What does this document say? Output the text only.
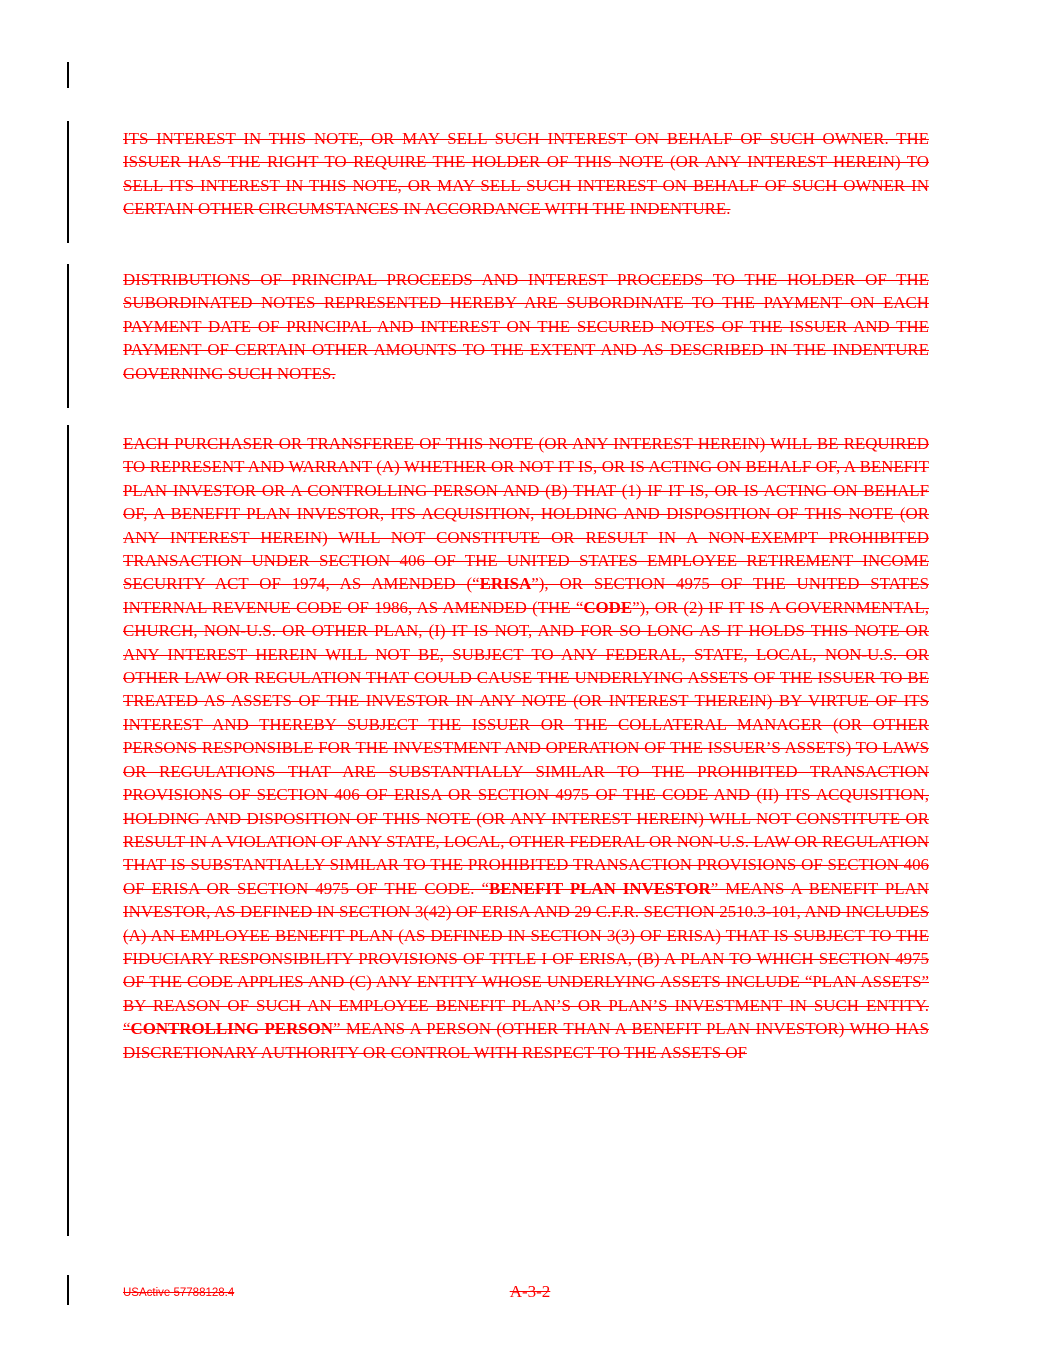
ITS INTEREST IN THIS NOTE, OR MAY SELL SUCH INTEREST ON BEHALF OF SUCH OWNER. THE ISSUER HAS THE RIGHT TO REQUIRE THE HOLDER OF THIS NOTE (OR ANY INTEREST HEREIN) TO SELL ITS INTEREST IN THIS NOTE, OR MAY SELL SUCH INTEREST ON BEHALF OF SUCH OWNER IN CERTAIN OTHER CIRCUMSTANCES IN ACCORDANCE WITH THE INDENTURE.

DISTRIBUTIONS OF PRINCIPAL PROCEEDS AND INTEREST PROCEEDS TO THE HOLDER OF THE SUBORDINATED NOTES REPRESENTED HEREBY ARE SUBORDINATE TO THE PAYMENT ON EACH PAYMENT DATE OF PRINCIPAL AND INTEREST ON THE SECURED NOTES OF THE ISSUER AND THE PAYMENT OF CERTAIN OTHER AMOUNTS TO THE EXTENT AND AS DESCRIBED IN THE INDENTURE GOVERNING SUCH NOTES.

EACH PURCHASER OR TRANSFEREE OF THIS NOTE (OR ANY INTEREST HEREIN) WILL BE REQUIRED TO REPRESENT AND WARRANT (A) WHETHER OR NOT IT IS, OR IS ACTING ON BEHALF OF, A BENEFIT PLAN INVESTOR OR A CONTROLLING PERSON AND (B) THAT (1) IF IT IS, OR IS ACTING ON BEHALF OF, A BENEFIT PLAN INVESTOR, ITS ACQUISITION, HOLDING AND DISPOSITION OF THIS NOTE (OR ANY INTEREST HEREIN) WILL NOT CONSTITUTE OR RESULT IN A NON-EXEMPT PROHIBITED TRANSACTION UNDER SECTION 406 OF THE UNITED STATES EMPLOYEE RETIREMENT INCOME SECURITY ACT OF 1974, AS AMENDED (“ERISA”), OR SECTION 4975 OF THE UNITED STATES INTERNAL REVENUE CODE OF 1986, AS AMENDED (THE “CODE”), OR (2) IF IT IS A GOVERNMENTAL, CHURCH, NON-U.S. OR OTHER PLAN, (I) IT IS NOT, AND FOR SO LONG AS IT HOLDS THIS NOTE OR ANY INTEREST HEREIN WILL NOT BE, SUBJECT TO ANY FEDERAL, STATE, LOCAL, NON-U.S. OR OTHER LAW OR REGULATION THAT COULD CAUSE THE UNDERLYING ASSETS OF THE ISSUER TO BE TREATED AS ASSETS OF THE INVESTOR IN ANY NOTE (OR INTEREST THEREIN) BY VIRTUE OF ITS INTEREST AND THEREBY SUBJECT THE ISSUER OR THE COLLATERAL MANAGER (OR OTHER PERSONS RESPONSIBLE FOR THE INVESTMENT AND OPERATION OF THE ISSUER’S ASSETS) TO LAWS OR REGULATIONS THAT ARE SUBSTANTIALLY SIMILAR TO THE PROHIBITED TRANSACTION PROVISIONS OF SECTION 406 OF ERISA OR SECTION 4975 OF THE CODE AND (II) ITS ACQUISITION, HOLDING AND DISPOSITION OF THIS NOTE (OR ANY INTEREST HEREIN) WILL NOT CONSTITUTE OR RESULT IN A VIOLATION OF ANY STATE, LOCAL, OTHER FEDERAL OR NON-U.S. LAW OR REGULATION THAT IS SUBSTANTIALLY SIMILAR TO THE PROHIBITED TRANSACTION PROVISIONS OF SECTION 406 OF ERISA OR SECTION 4975 OF THE CODE. “BENEFIT PLAN INVESTOR” MEANS A BENEFIT PLAN INVESTOR, AS DEFINED IN SECTION 3(42) OF ERISA AND 29 C.F.R. SECTION 2510.3-101, AND INCLUDES (A) AN EMPLOYEE BENEFIT PLAN (AS DEFINED IN SECTION 3(3) OF ERISA) THAT IS SUBJECT TO THE FIDUCIARY RESPONSIBILITY PROVISIONS OF TITLE I OF ERISA, (B) A PLAN TO WHICH SECTION 4975 OF THE CODE APPLIES AND (C) ANY ENTITY WHOSE UNDERLYING ASSETS INCLUDE “PLAN ASSETS” BY REASON OF SUCH AN EMPLOYEE BENEFIT PLAN’S OR PLAN’S INVESTMENT IN SUCH ENTITY. “CONTROLLING PERSON” MEANS A PERSON (OTHER THAN A BENEFIT PLAN INVESTOR) WHO HAS DISCRETIONARY AUTHORITY OR CONTROL WITH RESPECT TO THE ASSETS OF

USActive 57788128.4	A-3-2
